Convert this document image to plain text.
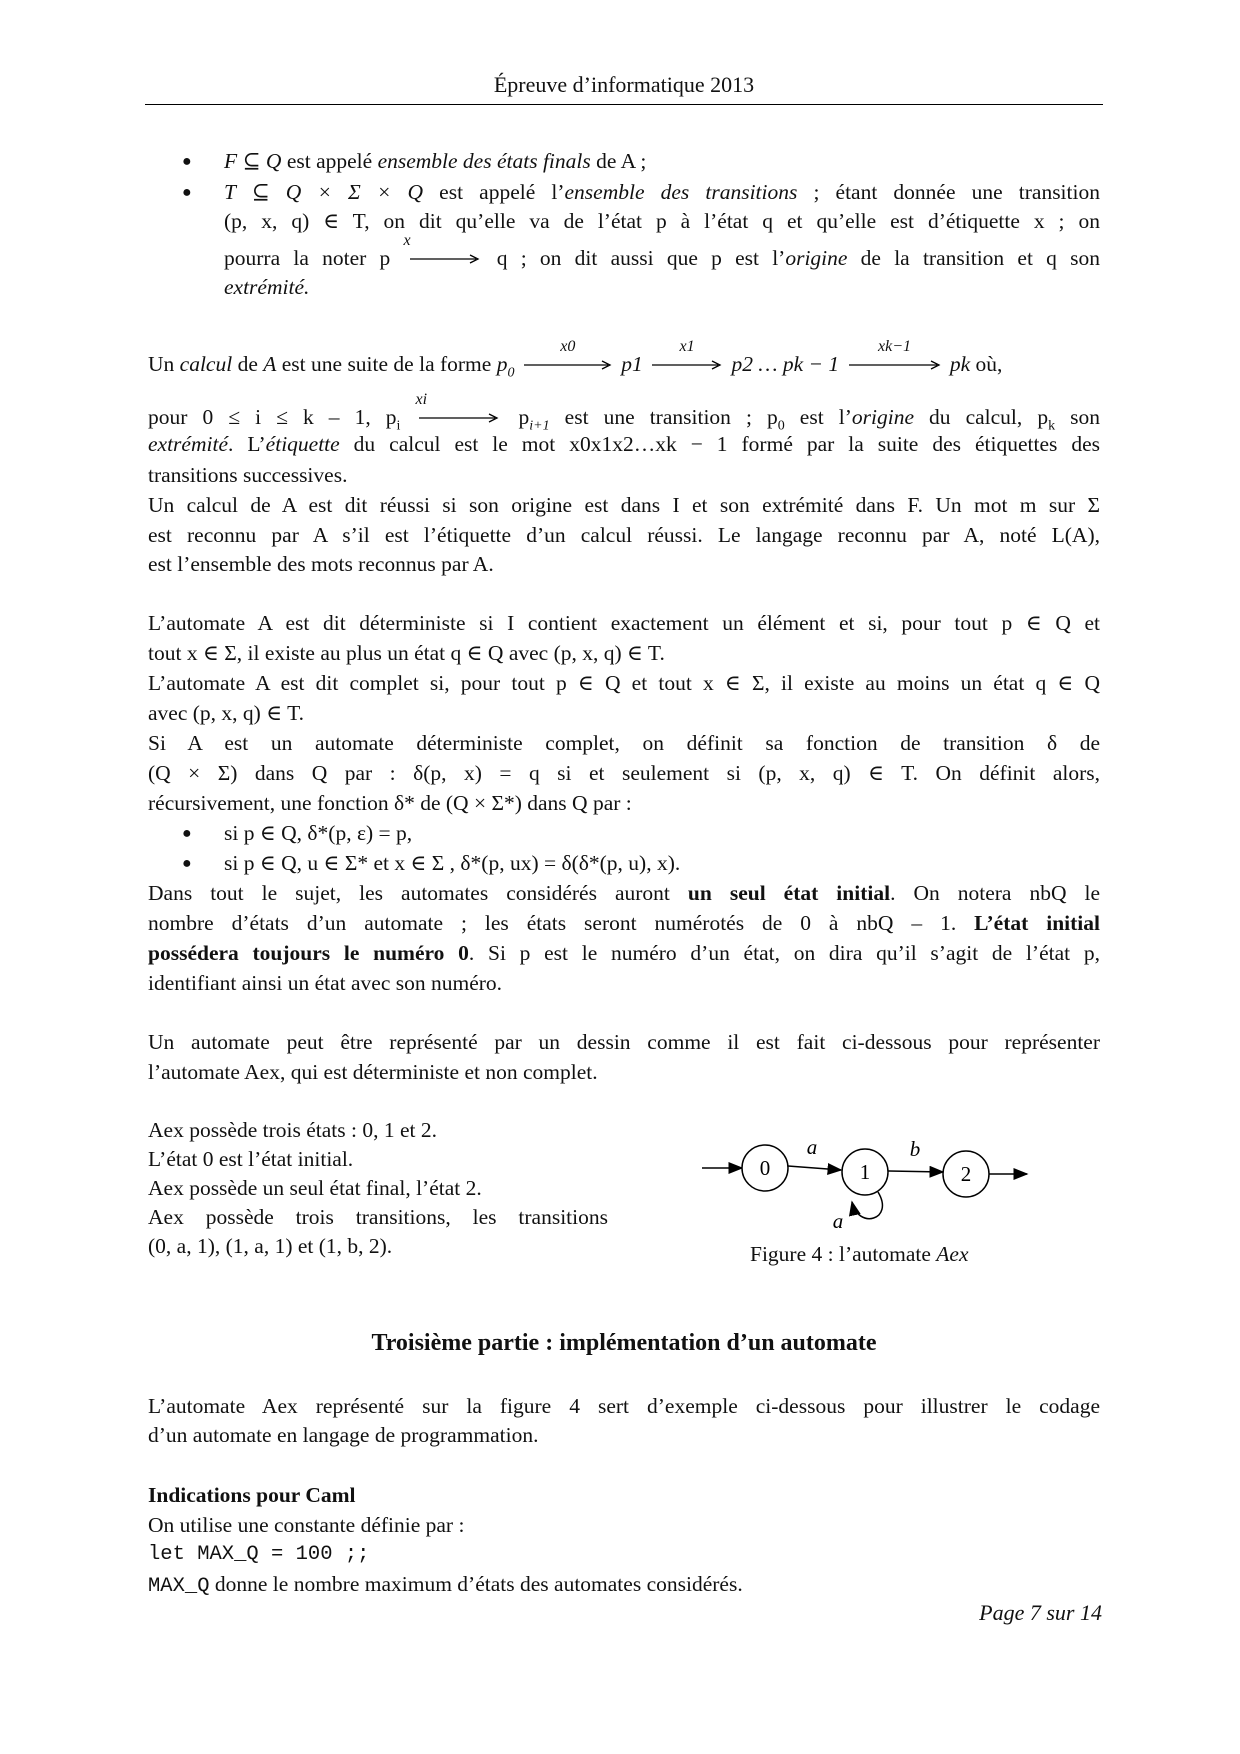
Épreuve d’informatique 2013
● F ⊆ Q est appelé ensemble des états finals de A ;
● T ⊆ Q × Σ × Q est appelé l’ensemble des transitions ; étant donnée une transition
(p, x, q) ∈ T, on dit qu’elle va de l’état p à l’état q et qu’elle est d’étiquette x ; on
pourra la noter p
x
q ; on dit aussi que p est l’origine de la transition et q son
extrémité.
Un calcul de A est une suite de la forme $p_0$
x0
p1
x1
p2 … pk − 1
xk−1
pk où,
pour 0 ≤ i ≤ k – 1, $p_i$
xi
$p_{i+1}$ est une transition ; $p_0$ est l’origine du calcul, $p_k$ son
extrémité. L’étiquette du calcul est le mot x0x1x2…xk − 1 formé par la suite des étiquettes des
transitions successives.
Un calcul de A est dit réussi si son origine est dans I et son extrémité dans F. Un mot m sur Σ
est reconnu par A s’il est l’étiquette d’un calcul réussi. Le langage reconnu par A, noté L(A),
est l’ensemble des mots reconnus par A.
L’automate A est dit déterministe si I contient exactement un élément et si, pour tout p ∈ Q et
tout x ∈ Σ, il existe au plus un état q ∈ Q avec (p, x, q) ∈ T.
L’automate A est dit complet si, pour tout p ∈ Q et tout x ∈ Σ, il existe au moins un état q ∈ Q
avec (p, x, q) ∈ T.
Si A est un automate déterministe complet, on définit sa fonction de transition δ de
(Q × Σ) dans Q par : δ(p, x) = q si et seulement si (p, x, q) ∈ T. On définit alors,
récursivement, une fonction δ* de (Q × Σ*) dans Q par :
● si p ∈ Q, δ*(p, ε) = p,
● si p ∈ Q, u ∈ Σ* et x ∈ Σ , δ*(p, ux) = δ(δ*(p, u), x).
Dans tout le sujet, les automates considérés auront un seul état initial. On notera nbQ le
nombre d’états d’un automate ; les états seront numérotés de 0 à nbQ – 1. L’état initial
possédera toujours le numéro 0. Si p est le numéro d’un état, on dira qu’il s’agit de l’état p,
identifiant ainsi un état avec son numéro.
Un automate peut être représenté par un dessin comme il est fait ci-dessous pour représenter
l’automate Aex, qui est déterministe et non complet.
Aex possède trois états : 0, 1 et 2.
L’état 0 est l’état initial.
Aex possède un seul état final, l’état 2.
Aex possède trois transitions, les transitions
(0, a, 1), (1, a, 1) et (1, b, 2).
0	1	2
a	b
a
Figure 4 : l’automate Aex
Troisième partie : implémentation d’un automate
L’automate Aex représenté sur la figure 4 sert d’exemple ci-dessous pour illustrer le codage
d’un automate en langage de programmation.
Indications pour Caml
On utilise une constante définie par :
let MAX_Q = 100 ;;
MAX_Q donne le nombre maximum d’états des automates considérés.
Page 7 sur 14
